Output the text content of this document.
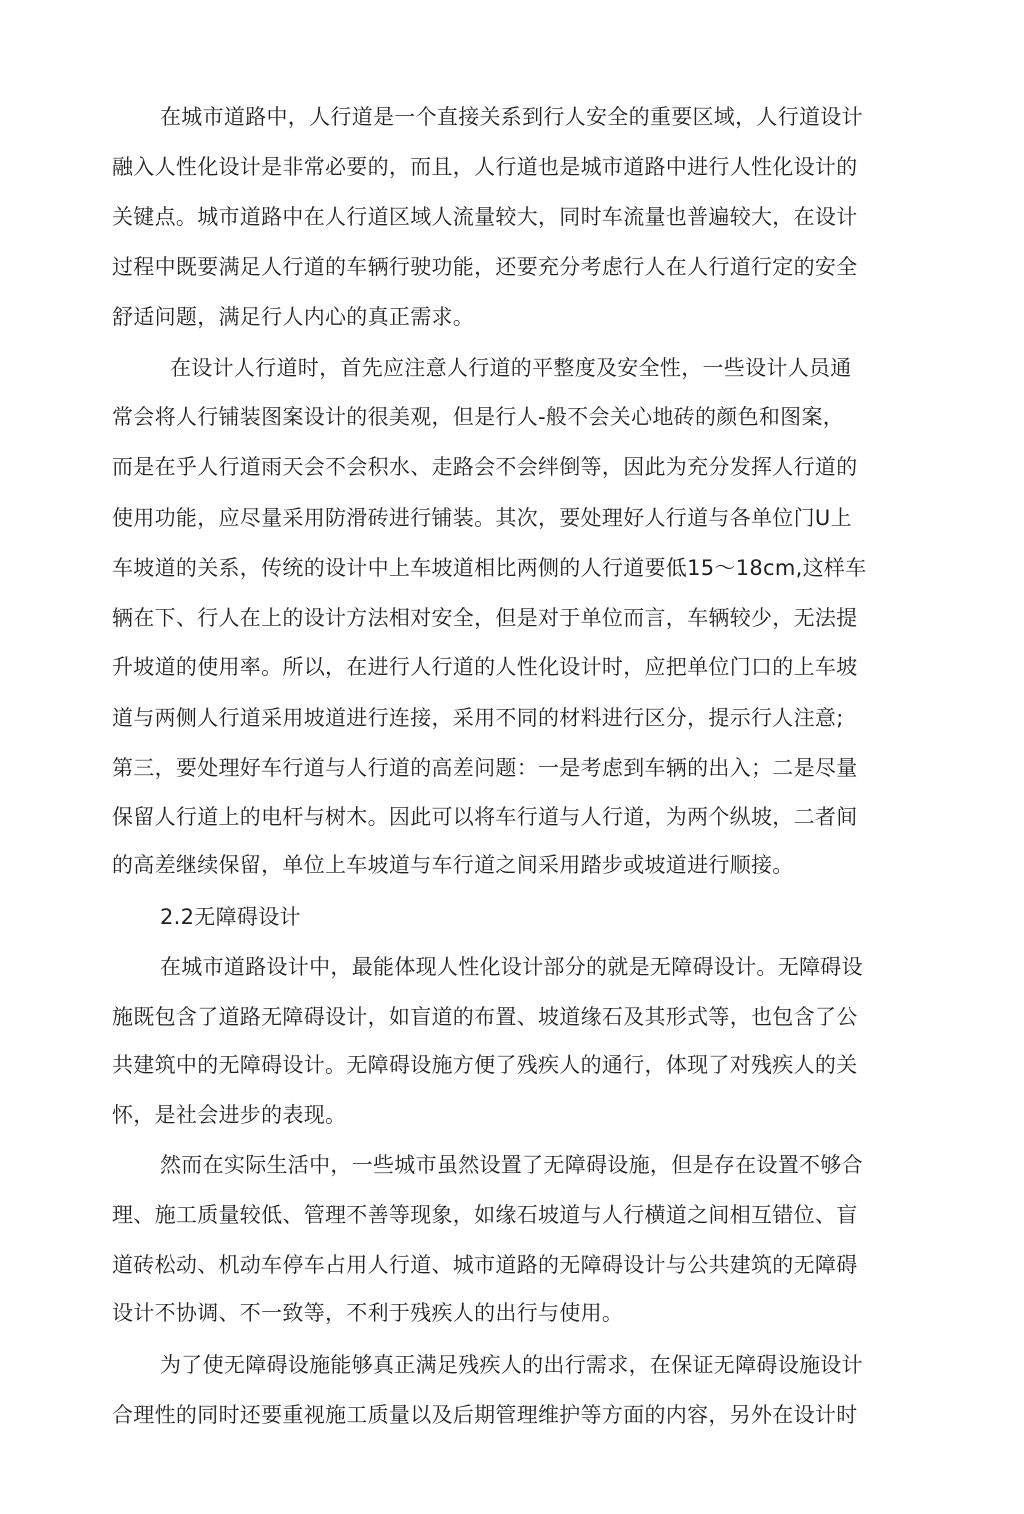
在城市道路中，人行道是一个直接关系到行人安全的重要区域，人行道设计

融入人性化设计是非常必要的，而且，人行道也是城市道路中进行人性化设计的

关键点。城市道路中在人行道区域人流量较大，同时车流量也普遍较大，在设计

过程中既要满足人行道的车辆行驶功能，还要充分考虑行人在人行道行定的安全

舒适问题，满足行人内心的真正需求。

在设计人行道时，首先应注意人行道的平整度及安全性，一些设计人员通

常会将人行铺装图案设计的很美观，但是行人-般不会关心地砖的颜色和图案，

而是在乎人行道雨天会不会积水、走路会不会绊倒等，因此为充分发挥人行道的

使用功能，应尽量采用防滑砖进行铺装。其次，要处理好人行道与各单位门U上

车坡道的关系，传统的设计中上车坡道相比两侧的人行道要低15～18cm,这样车

辆在下、行人在上的设计方法相对安全，但是对于单位而言，车辆较少，无法提

升坡道的使用率。所以，在进行人行道的人性化设计时，应把单位门口的上车坡

道与两侧人行道采用坡道进行连接，采用不同的材料进行区分，提示行人注意;

第三，要处理好车行道与人行道的高差问题：一是考虑到车辆的出入；二是尽量

保留人行道上的电杆与树木。因此可以将车行道与人行道，为两个纵坡，二者间

的高差继续保留，单位上车坡道与车行道之间采用踏步或坡道进行顺接。

2.2无障碍设计

在城市道路设计中，最能体现人性化设计部分的就是无障碍设计。无障碍设

施既包含了道路无障碍设计，如盲道的布置、坡道缘石及其形式等，也包含了公

共建筑中的无障碍设计。无障碍设施方便了残疾人的通行，体现了对残疾人的关

怀，是社会进步的表现。

然而在实际生活中，一些城市虽然设置了无障碍设施，但是存在设置不够合

理、施工质量较低、管理不善等现象，如缘石坡道与人行横道之间相互错位、盲

道砖松动、机动车停车占用人行道、城市道路的无障碍设计与公共建筑的无障碍

设计不协调、不一致等，不利于残疾人的出行与使用。

为了使无障碍设施能够真正满足残疾人的出行需求，在保证无障碍设施设计

合理性的同时还要重视施工质量以及后期管理维护等方面的内容，另外在设计时
